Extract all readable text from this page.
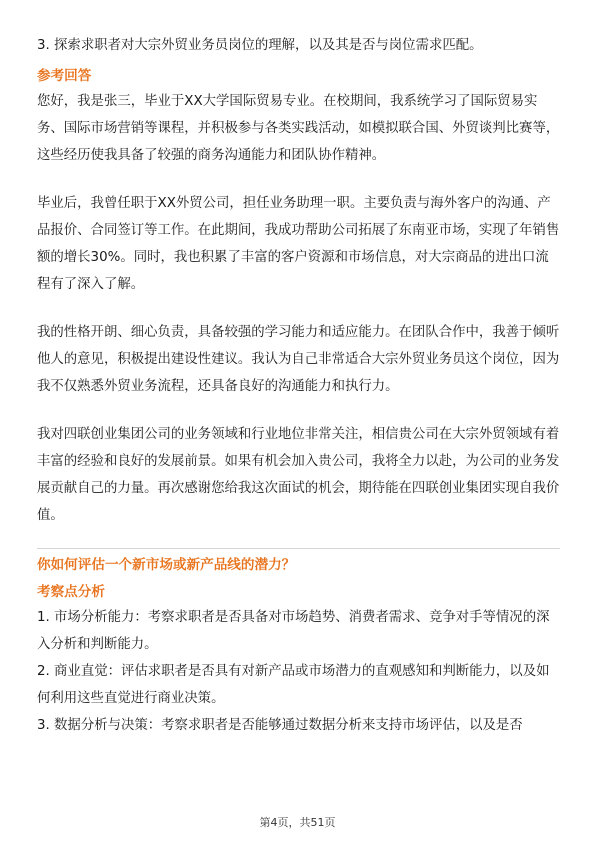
3. 探索求职者对大宗外贸业务员岗位的理解，以及其是否与岗位需求匹配。

参考回答

您好，我是张三，毕业于XX大学国际贸易专业。在校期间，我系统学习了国际贸易实务、国际市场营销等课程，并积极参与各类实践活动，如模拟联合国、外贸谈判比赛等，这些经历使我具备了较强的商务沟通能力和团队协作精神。

毕业后，我曾任职于XX外贸公司，担任业务助理一职。主要负责与海外客户的沟通、产品报价、合同签订等工作。在此期间，我成功帮助公司拓展了东南亚市场，实现了年销售额的增长30%。同时，我也积累了丰富的客户资源和市场信息，对大宗商品的进出口流程有了深入了解。

我的性格开朗、细心负责，具备较强的学习能力和适应能力。在团队合作中，我善于倾听他人的意见，积极提出建设性建议。我认为自己非常适合大宗外贸业务员这个岗位，因为我不仅熟悉外贸业务流程，还具备良好的沟通能力和执行力。

我对四联创业集团公司的业务领域和行业地位非常关注，相信贵公司在大宗外贸领域有着丰富的经验和良好的发展前景。如果有机会加入贵公司，我将全力以赴，为公司的业务发展贡献自己的力量。再次感谢您给我这次面试的机会，期待能在四联创业集团实现自我价值。

你如何评估一个新市场或新产品线的潜力？
考察点分析

1. 市场分析能力：考察求职者是否具备对市场趋势、消费者需求、竞争对手等情况的深入分析和判断能力。

2. 商业直觉：评估求职者是否具有对新产品或市场潜力的直观感知和判断能力，以及如何利用这些直觉进行商业决策。

3. 数据分析与决策：考察求职者是否能够通过数据分析来支持市场评估，以及是否

第4页，共51页
